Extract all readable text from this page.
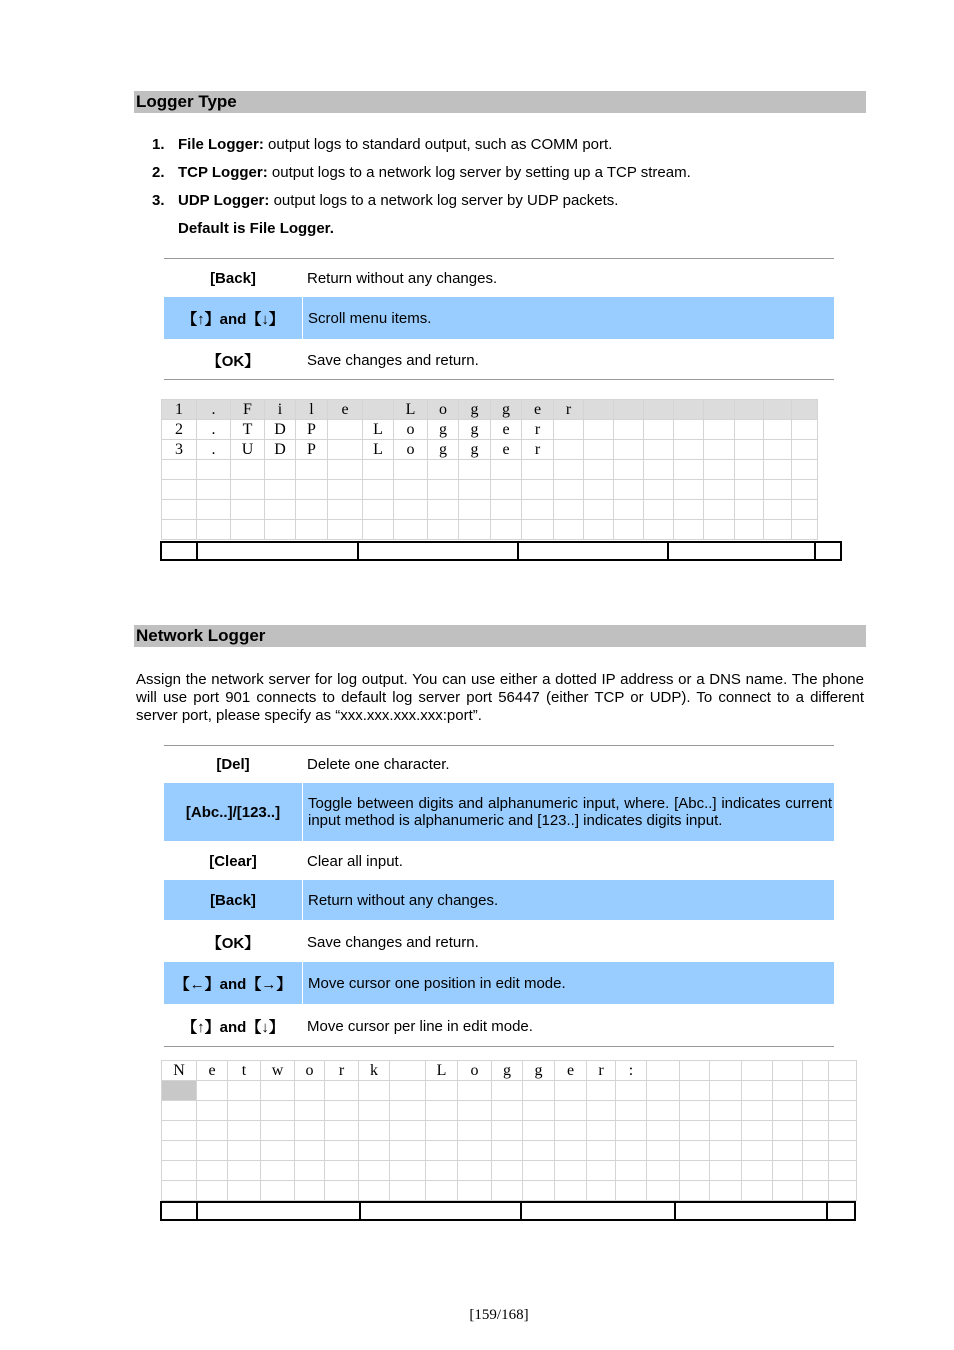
Logger Type
1. File Logger: output logs to standard output, such as COMM port.
2. TCP Logger: output logs to a network log server by setting up a TCP stream.
3. UDP Logger: output logs to a network log server by UDP packets.
Default is File Logger.
[Back]	Return without any changes.
【↑】and【↓】	Scroll menu items.
【OK】	Save changes and return.
1	.	F	i	l	e		L	o	g	g	e	r								
2	.	T	D	P		L	o	g	g	e	r									
3	.	U	D	P		L	o	g	g	e	r									

Network Logger
Assign the network server for log output. You can use either a dotted IP address or a DNS name. The phone will use port 901 connects to default log server port 56447 (either TCP or UDP). To connect to a different server port, please specify as “xxx.xxx.xxx.xxx:port”.
[Del]	Delete one character.
[Abc..]/[123..]	Toggle between digits and alphanumeric input, where. [Abc..] indicates current input method is alphanumeric and [123..] indicates digits input.
[Clear]	Clear all input.
[Back]	Return without any changes.
【OK】	Save changes and return.
【←】and【→】	Move cursor one position in edit mode.
【↑】and【↓】	Move cursor per line in edit mode.
N	e	t	w	o	r	k		L	o	g	g	e	r	:							

[159/168]
